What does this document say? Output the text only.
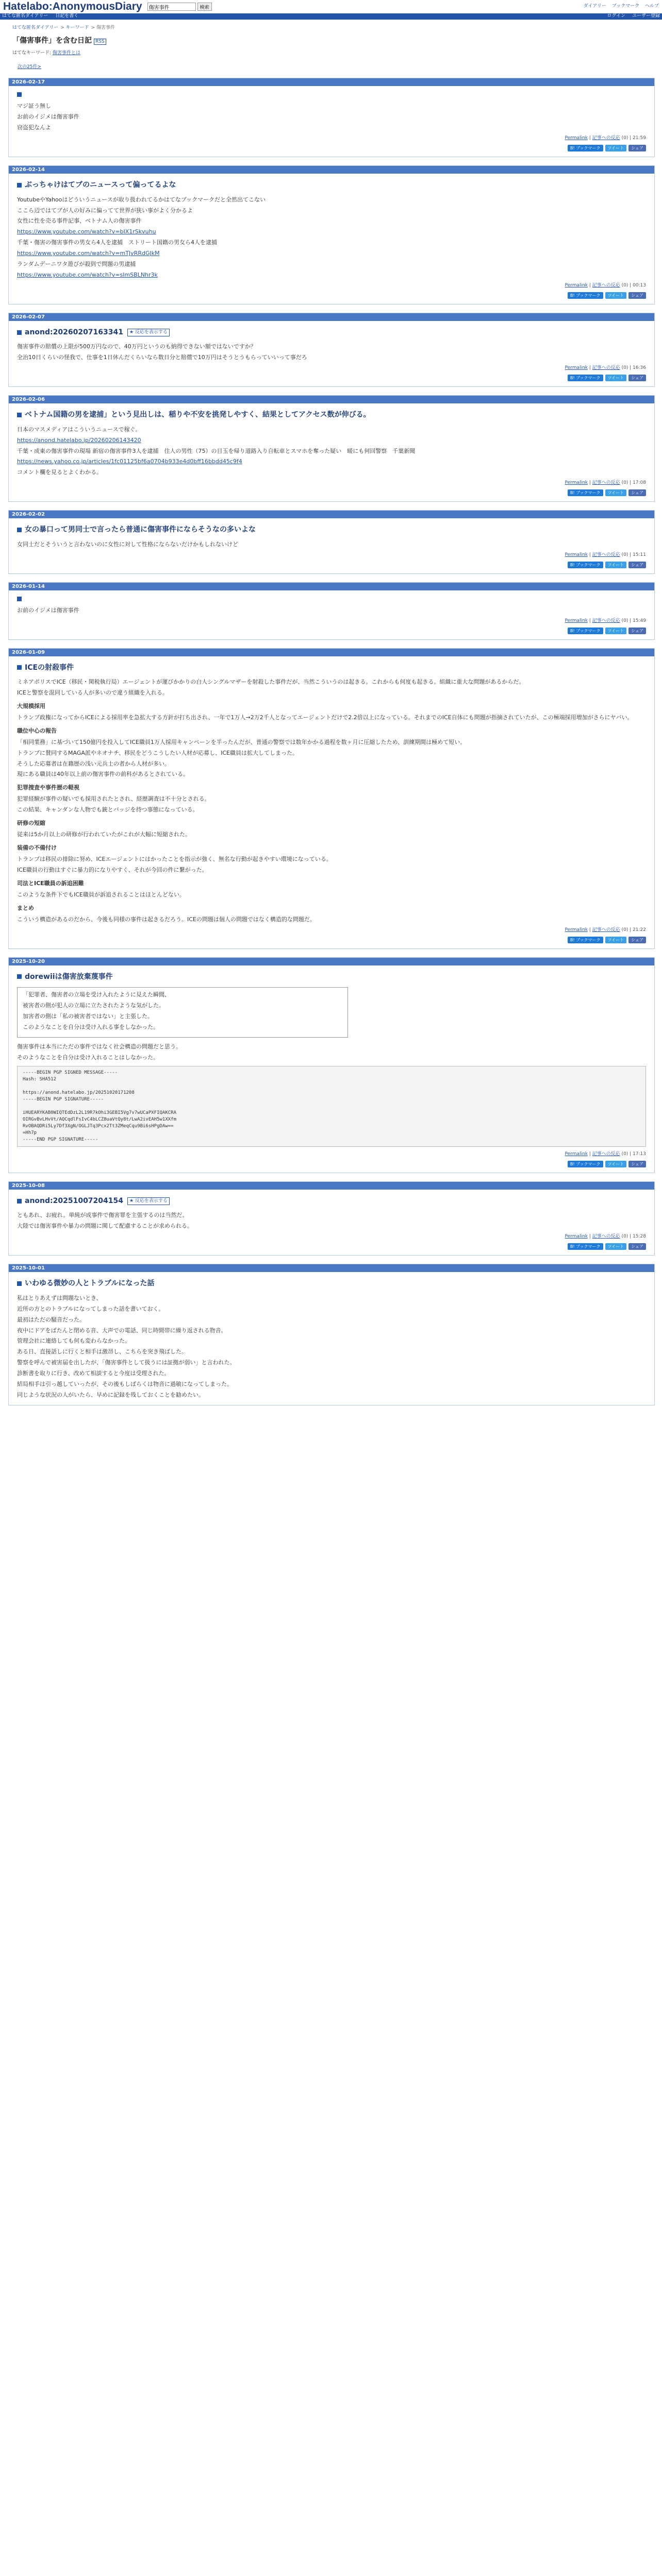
Hatelabo:AnonymousDiary
傷害事件	検索	ダイアリー ブックマーク ヘルプ
はてな匿名ダイアリー 日記を書く	ログイン ユーザー登録
はてな匿名ダイアリー > キーワード > 傷害事件
「傷害事件」を含む日記 RSS
はてなキーワード: 傷害事件とは
次の25件>
2026-02-17
マジ証う無し
お前のイジメは傷害事件
窃盗犯なんよ
Permalink | 記事への反応 (0) | 21:59
B! ブックマーク	ツイート	シェア
2026-02-14
ぶっちゃけはてブのニュースって偏ってるよな
YoutubeやYahooはどういうニュースが取り扱われてるかはてなブックマークだと全然出てこない
ここら辺ではてブが人の好みに偏ってて世界が狭い事がよく分かるよ
女性に性を売る事件記事、ベトナム人の傷害事件
https://www.youtube.com/watch?v=bIX1rSkvuhu
千葉・傷害の傷害事件の男女ら4人を逮捕　ストリート国籍の男女ら4人を逮捕
https://www.youtube.com/watch?v=mTJvRRdGJkM
ランダムデーニワタ遊びが殺到で問題の男逮捕
https://www.youtube.com/watch?v=sImSBLNhr3k
Permalink | 記事への反応 (0) | 00:13
B! ブックマーク	ツイート	シェア
2026-02-07
anond:20260207163341	★ 反応を表示する
傷害事件の賠償の上限が500万円なので、40万円というのも納得できない額ではないですか？
全治10日くらいの怪我で、仕事を1日休んだくらいなら数日分と賠償で10万円はそうとうもらっていいって事だろ
Permalink | 記事への反応 (0) | 16:36
B! ブックマーク	ツイート	シェア
2026-02-06
ベトナム国籍の男を逮捕」という見出しは、稲りや不安を挑発しやすく、結果としてアクセス数が伸びる。
日本のマスメディアはこういうニュースで稼ぐ。
https://anond.hatelabo.jp/20260206143420
千葉・成東の傷害事件の現場 新宿の傷害事件3人を逮捕　住人の男性（75）の目玉を帰り道路入り自転車とスマホを奪った疑い　暖にも何回警察　千葉新聞
https://news.yahoo.co.jp/articles/1fc01125bf6a0704b933e4d0bff16bbdd45c9f4
コメント欄を見るとよくわかる。
Permalink | 記事への反応 (0) | 17:08
B! ブックマーク	ツイート	シェア
2026-02-02
女の暴口って男同士で言ったら普通に傷害事件にならそうなの多いよな
女同士だとそういうと言わないのに女性に対して性格にならないだけかもしれないけど
Permalink | 記事への反応 (0) | 15:11
B! ブックマーク	ツイート	シェア
2026-01-14
お前のイジメは傷害事件
Permalink | 記事への反応 (0) | 15:49
B! ブックマーク	ツイート	シェア
2026-01-09
ICEの射殺事件
ミネアポリスでICE（移民・関税執行局）エージェントが運びかかりの白人シングルマザーを射殺した事件だが、当然こういうのは起きる。これからも何度も起きる。組織に重大な問題があるからだ。
ICEと警察を混同している人が多いので違う組織を入れる。
大規模採用
トランプ政権になってからICEによる採用率を急拡大する方針が打ち出され、一年で1万人→2万2千人となってエージェントだけで2.2倍以上になっている。それまでのICE自体にも問題が指摘されていたが、この極端採用増加がさらにヤバい。
職位中心の報告
「相同業務」に基づいて150億円を投入してICE職員1万人採用キャンペーンを半ったんだが、普通の警察では数年かかる過程を数ヶ月に圧縮したため、訓練期間は極めて短い。
トランプに賛同するMAGA派やネオナチ、移民をどうこうしたい人材が応募し、ICE職員は拡大してしまった。
そうした応募者は在籍歴の浅い元兵士の者から人材が多い。
現にある職員は40年以上前の傷害事件の前科があるとされている。
犯罪捜査や事件歴の軽視
犯罪経験が事件の疑いでも採用されたとされ、経歴調査は不十分とされる。
この結果、キャンダンな人物でも銃とバッジを持つ事態になっている。
研修の短縮
従来は5か月以上の研修が行われていたがこれが大幅に短縮された。
装備の不備付け
トランプは移民の排除に努め、ICEエージェントにはかったことを指示が強く、無名な行動が起きやすい環境になっている。
ICE職員の行動はすぐに暴力的になりやすく、それが今回の件に繋がった。
司法とICE職員の訴追困難
このような条件下でもICE職員が訴追されることはほとんどない。
まとめ
こういう構造があるのだから、今後も同様の事件は起きるだろう。ICEの問題は個人の問題ではなく構造的な問題だ。
Permalink | 記事への反応 (0) | 21:22
B! ブックマーク	ツイート	シェア
2025-10-20
dorewiiは傷害放棄蔑事件
「犯罪者、傷害者の立場を受け入れたように見えた瞬間、
被害者の側が犯人の立場に立たされたような気がした。
加害者の側は「私の被害者ではない」と主張した。
このようなことを自分は受け入れる事をしなかった。
傷害事件は本当にただの事件ではなく社会構造の問題だと思う。
そのようなことを自分は受け入れることはしなかった。
-----BEGIN PGP SIGNED MESSAGE-----
Hash: SHA512

https://anond.hatelabo.jp/20251020171208
-----BEGIN PGP SIGNATURE-----

iHUEARYKAB0WIQTEdDzL2L19R7kOhi3GEBI5Vg7v7wUCaPXFIQAKCRA
OIRGvBvLHvVt/AQCqdlFsIvC4bLCZ8uaVtQy8t/LwA2ivEAH5w1XXfm
RvOBAQDRi5Ly7Df3XgN/OGLJTq3Pcx2Tt3ZMeqCqu9Bi6sHPgDAw==
=Hh7p
-----END PGP SIGNATURE-----
Permalink | 記事への反応 (0) | 17:13
B! ブックマーク	ツイート	シェア
2025-10-08
anond:20251007204154	★ 反応を表示する
ともあれ、お疲れ。単純が成事件で傷害罪を主張するのは当然だ。
大陸では傷害事件や暴力の問題に関して配慮することが求められる。
Permalink | 記事への反応 (0) | 15:28
B! ブックマーク	ツイート	シェア
2025-10-01
いわゆる微妙の人とトラブルになった話
私はとりあえずは問題ないとき、
近所の方とのトラブルになってしまった話を書いておく。
最初はただの騒音だった。
夜中にドアをばたんと閉める音、大声での電話、同じ時間帯に繰り返される物音。
管理会社に連絡しても何も変わらなかった。
ある日、直接話しに行くと相手は激昂し、こちらを突き飛ばした。
警察を呼んで被害届を出したが、「傷害事件として扱うには証拠が弱い」と言われた。
診断書を取りに行き、改めて相談すると今度は受理された。
結局相手は引っ越していったが、その後もしばらくは物音に過敏になってしまった。
同じような状況の人がいたら、早めに記録を残しておくことを勧めたい。
